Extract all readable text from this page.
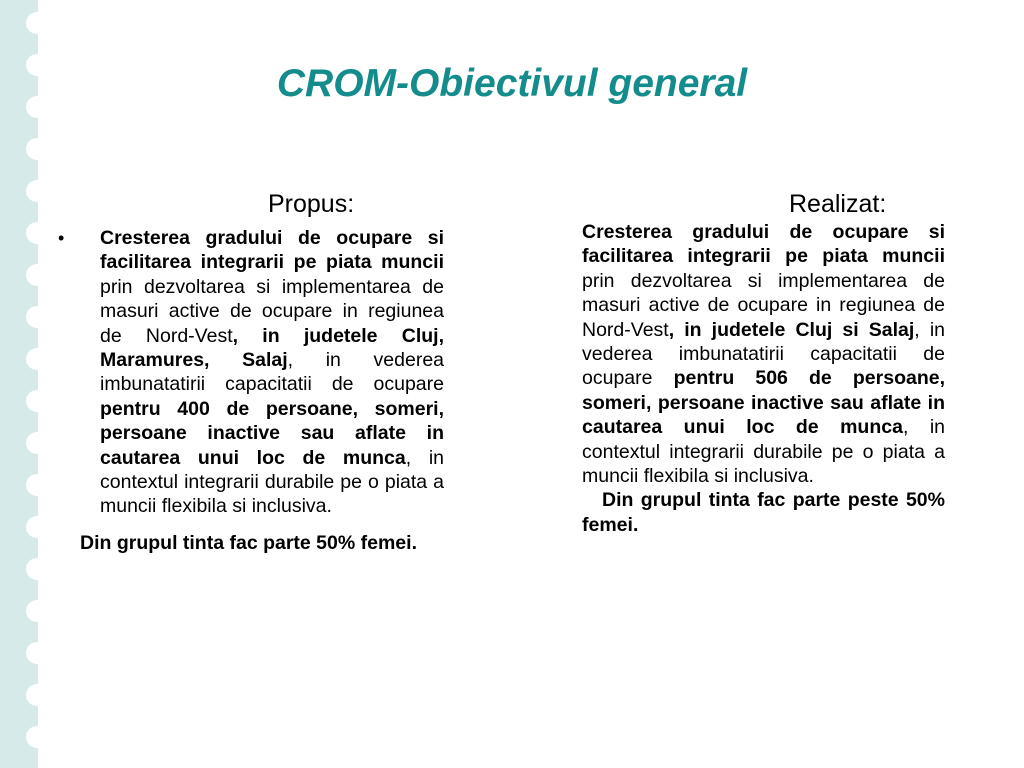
CROM-Obiectivul general
Propus:
• Cresterea gradului de ocupare si facilitarea integrarii pe piata muncii prin dezvoltarea si implementarea de masuri active de ocupare in regiunea de Nord-Vest, in judetele Cluj, Maramures, Salaj, in vederea imbunatatirii capacitatii de ocupare pentru 400 de persoane, someri, persoane inactive sau aflate in cautarea unui loc de munca, in contextul integrarii durabile pe o piata a muncii flexibila si inclusiva.

Din grupul tinta fac parte 50% femei.

Realizat:

Cresterea gradului de ocupare si facilitarea integrarii pe piata muncii prin dezvoltarea si implementarea de masuri active de ocupare in regiunea de Nord-Vest, in judetele Cluj si Salaj, in vederea imbunatatirii capacitatii de ocupare pentru 506 de persoane, someri, persoane inactive sau aflate in cautarea unui loc de munca, in contextul integrarii durabile pe o piata a muncii flexibila si inclusiva.

Din grupul tinta fac parte peste 50% femei.
